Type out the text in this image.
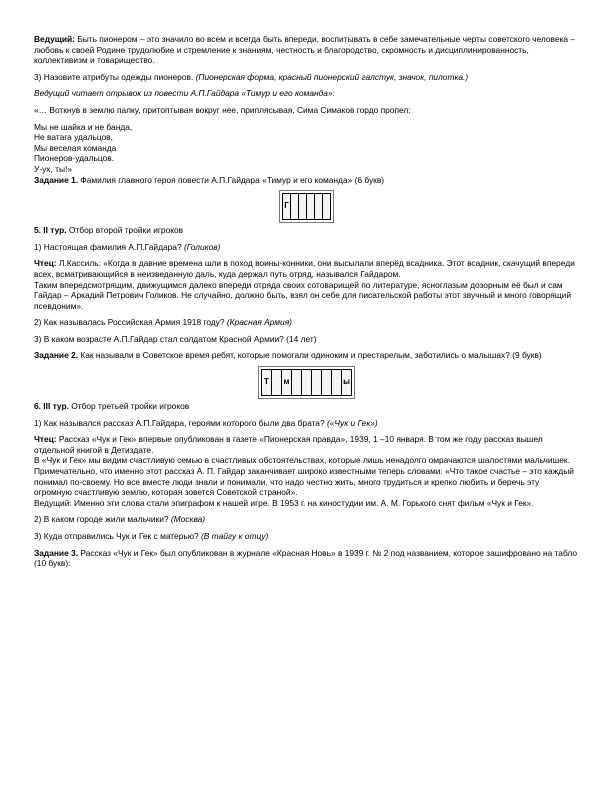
Ведущий: Быть пионером – это значило во всем и всегда быть впереди, воспитывать в себе замечательные черты советского человека – любовь к своей Родине трудолюбие и стремление к знаниям, честность и благородство, скромность и дисциплинированность, коллективизм и товарищество.

3) Назовите атрибуты одежды пионеров. (Пионерская форма, красный пионерский галстук, значок, пилотка.)

Ведущий читает отрывок из повести А.П.Гайдара «Тимур и его команда»:

«… Воткнув в землю палку, притоптывая вокруг нее, приплясывая, Сима Симаков гордо пропел:

Мы не шайка и не банда,

Не ватага удальцов,

Мы веселая команда

Пионеров-удальцов.

У-ух, ты!»

Задание 1. Фамилия главного героя повести А.П.Гайдара «Тимур и его команда» (6 букв)

Г

5. II тур. Отбор второй тройки игроков

1) Настоящая фамилия А.П.Гайдара? (Голиков)

Чтец: Л.Кассиль: «Когда в давние времена шли в поход воины-конники, они высылали вперёд всадника. Этот всадник, скачущий впереди всех, всматривающийся в неизведанную даль, куда держал путь отряд, назывался Гайдаром.

Таким впередсмотрящим, движущимся далеко впереди отряда своих сотоварищей по литературе, ясноглазым дозорным её был и сам Гайдар – Аркадий Петрович Голиков. Не случайно, должно быть, взял он себе для писательской работы этот звучный и много говорящий псевдоним».

2) Как называлась Российская Армия 1918 году? (Красная Армия)

3) В каком возрасте А.П.Гайдар стал солдатом Красной Армии? (14 лет)

Задание 2. Как называли в Советское время ребят, которые помогали одиноким и престарелым, заботились о малышах? (9 букв)

Т	м	ы

6. III тур. Отбор третьей тройки игроков

1) Как назывался рассказ А.П.Гайдара, героями которого были два брата? («Чук и Гек»)

Чтец: Рассказ «Чук и Гек» впервые опубликован в газете «Пионерская правда», 1939, 1 –10 января. В том же году рассказ вышел отдельной книгой в Детиздате.

В «Чук и Гек» мы видим счастливую семью в счастливых обстоятельствах, которые лишь ненадолго омрачаются шалостями мальчишек.

Примечательно, что именно этот рассказ А. П. Гайдар заканчивает широко известными теперь словами: «Что такое счастье – это каждый понимал по-своему. Но все вместе люди знали и понимали, что надо честно жить, много трудиться и крепко любить и беречь эту огромную счастливую землю, которая зовется Советской страной».

Ведущий: Именно эти слова стали эпиграфом к нашей игре. В 1953 г. на киностудии им. А. М. Горького снят фильм «Чук и Гек».

2) В каком городе жили мальчики? (Москва)

3) Куда отправились Чук и Гек с матерью? (В тайгу к отцу)

Задание 3. Рассказ «Чук и Гек» был опубликован в журнале «Красная Новь» в 1939 г. № 2 под названием, которое зашифровано на табло (10 букв):
